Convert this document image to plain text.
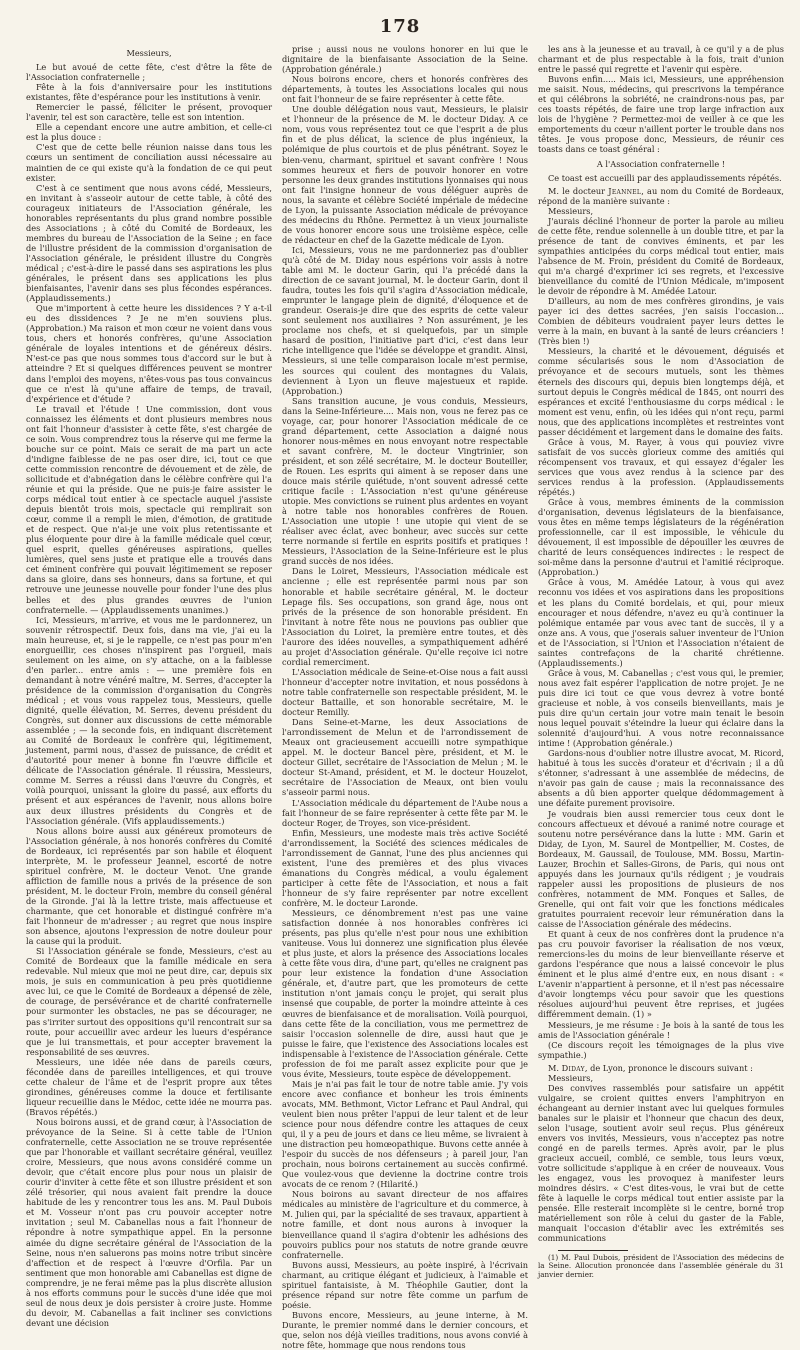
178

Messieurs,

Le but avoué de cette fête, c'est d'être la fête de l'Association confraternelle ;

Fête à la fois d'anniversaire pour les institutions existantes, fête d'espérance pour les institutions à venir.

Remercier le passé, féliciter le présent, provoquer l'avenir, tel est son caractère, telle est son intention.

Elle a cependant encore une autre ambition, et celle-ci est la plus douce :

C'est que de cette belle réunion naisse dans tous les cœurs un sentiment de conciliation aussi nécessaire au maintien de ce qui existe qu'à la fondation de ce qui peut exister.

C'est à ce sentiment que nous avons cédé, Messieurs, en invitant à s'asseoir autour de cette table, à côté des courageux initiateurs de l'Association générale, les honorables représentants du plus grand nombre possible des Associations ; à côté du Comité de Bordeaux, les membres du bureau de l'Association de la Seine ; en face de l'illustre président de la commission d'organisation de l'Association générale, le président illustre du Congrès médical ; c'est-à-dire le passé dans ses aspirations les plus générales, le présent dans ses applications les plus bienfaisantes, l'avenir dans ses plus fécondes espérances. (Applaudissements.)

Que m'importent à cette heure les dissidences ? Y a-t-il eu des dissidences ? Je ne m'en souviens plus. (Approbation.) Ma raison et mon cœur ne voient dans vous tous, chers et honorés confrères, qu'une Association générale de loyales intentions et de généreux désirs. N'est-ce pas que nous sommes tous d'accord sur le but à atteindre ? Et si quelques différences peuvent se montrer dans l'emploi des moyens, n'êtes-vous pas tous convaincus que ce n'est là qu'une affaire de temps, de travail, d'expérience et d'étude ?

Le travail et l'étude ! Une commission, dont vous connaissez les éléments et dont plusieurs membres nous ont fait l'honneur d'assister à cette fête, s'est chargée de ce soin. Vous comprendrez tous la réserve qui me ferme la bouche sur ce point. Mais ce serait de ma part un acte d'indigne faiblesse de ne pas oser dire, ici, tout ce que cette commission rencontre de dévouement et de zèle, de sollicitude et d'abnégation dans le célèbre confrère qui l'a réunie et qui la préside. Que ne puis-je faire assister le corps médical tout entier à ce spectacle auquel j'assiste depuis bientôt trois mois, spectacle qui remplirait son cœur, comme il a rempli le mien, d'émotion, de gratitude et de respect. Que n'ai-je une voix plus retentissante et plus éloquente pour dire à la famille médicale quel cœur, quel esprit, quelles généreuses aspirations, quelles lumières, quel sens juste et pratique elle a trouvés dans cet éminent confrère qui pouvait légitimement se reposer dans sa gloire, dans ses honneurs, dans sa fortune, et qui retrouve une jeunesse nouvelle pour fonder l'une des plus belles et des plus grandes œuvres de l'union confraternelle. — (Applaudissements unanimes.)

Ici, Messieurs, m'arrive, et vous me le pardonnerez, un souvenir rétrospectif. Deux fois, dans ma vie, j'ai eu la main heureuse, et, si je le rappelle, ce n'est pas pour m'en enorgueillir, ces choses n'inspirent pas l'orgueil, mais seulement on les aime, on s'y attache, on a la faiblesse d'en parler... entre amis : — une première fois en demandant à notre vénéré maître, M. Serres, d'accepter la présidence de la commission d'organisation du Congrès médical ; et vous vous rappelez tous, Messieurs, quelle dignité, quelle élévation, M. Serres, devenu président du Congrès, sut donner aux discussions de cette mémorable assemblée ; — la seconde fois, en indiquant discrètement au Comité de Bordeaux le confrère qui, légitimement, justement, parmi nous, d'assez de puissance, de crédit et d'autorité pour mener à bonne fin l'œuvre difficile et délicate de l'Association générale. Il réussira, Messieurs, comme M. Serres a réussi dans l'œuvre du Congrès, et voilà pourquoi, unissant la gloire du passé, aux efforts du présent et aux espérances de l'avenir, nous allons boire aux deux illustres présidents du Congrès et de l'Association générale. (Vifs applaudissements.)

Nous allons boire aussi aux généreux promoteurs de l'Association générale, à nos honorés confrères du Comité de Bordeaux, ici représentés par son habile et éloquent interprète, M. le professeur Jeannel, escorté de notre spirituel confrère, M. le docteur Venot. Une grande affliction de famille nous a privés de la présence de son président, M. le docteur Froin, membre du conseil général de la Gironde. J'ai là la lettre triste, mais affectueuse et charmante, que cet honorable et distingué confrère m'a fait l'honneur de m'adresser ; au regret que nous inspire son absence, ajoutons l'expression de notre douleur pour la cause qui la produit.

Si l'Association générale se fonde, Messieurs, c'est au Comité de Bordeaux que la famille médicale en sera redevable. Nul mieux que moi ne peut dire, car, depuis six mois, je suis en communication à peu près quotidienne avec lui, ce que le Comité de Bordeaux a dépensé de zèle, de courage, de persévérance et de charité confraternelle pour surmonter les obstacles, ne pas se décourager, ne pas s'irriter surtout des oppositions qu'il rencontrait sur sa route, pour accueillir avec ardeur les lueurs d'espérance que je lui transmettais, et pour accepter bravement la responsabilité de ses œuvres.

Messieurs, une idée née dans de pareils cœurs, fécondée dans de pareilles intelligences, et qui trouve cette chaleur de l'âme et de l'esprit propre aux têtes girondines, généreuses comme la douce et fertilisante liqueur recueillie dans le Médoc, cette idée ne mourra pas. (Bravos répétés.)

Nous boirons aussi, et de grand cœur, à l'Association de prévoyance de la Seine. Si à cette table de l'Union confraternelle, cette Association ne se trouve représentée que par l'honorable et vaillant secrétaire général, veuillez croire, Messieurs, que nous avons considéré comme un devoir, que c'était encore plus pour nous un plaisir de courir d'inviter à cette fête et son illustre président et son zélé trésorier, qui nous avaient fait prendre la douce habitude de les y rencontrer tous les ans. M. Paul Dubois et M. Vosseur n'ont pas cru pouvoir accepter notre invitation ; seul M. Cabanellas nous a fait l'honneur de répondre à notre sympathique appel. En la personne aimée du digne secrétaire général de l'Association de la Seine, nous n'en saluerons pas moins notre tribut sincère d'affection et de respect à l'œuvre d'Orfila. Par un sentiment que mon honorable ami Cabanellas est digne de comprendre, je ne ferai même pas la plus discrète allusion à nos efforts communs pour le succès d'une idée que moi seul de nous deux je dois persister à croire juste. Homme du devoir, M. Cabanellas a fait incliner ses convictions devant une décision

prise ; aussi nous ne voulons honorer en lui que le dignitaire de la bienfaisante Association de la Seine. (Approbation générale.)

Nous boirons encore, chers et honorés confrères des départements, à toutes les Associations locales qui nous ont fait l'honneur de se faire représenter à cette fête.

Une double délégation nous vaut, Messieurs, le plaisir et l'honneur de la présence de M. le docteur Diday. A ce nom, vous vous représentez tout ce que l'esprit a de plus fin et de plus délicat, la science de plus ingénieux, la polémique de plus courtois et de plus pénétrant. Soyez le bien-venu, charmant, spirituel et savant confrère ! Nous sommes heureux et fiers de pouvoir honorer en votre personne les deux grandes institutions lyonnaises qui nous ont fait l'insigne honneur de vous déléguer auprès de nous, la savante et célèbre Société impériale de médecine de Lyon, la puissante Association médicale de prévoyance des médecins du Rhône. Permettez à un vieux journaliste de vous honorer encore sous une troisième espèce, celle de rédacteur en chef de la Gazette médicale de Lyon.

Ici, Messieurs, vous ne me pardonneriez pas d'oublier qu'à côté de M. Diday nous espérions voir assis à notre table ami M. le docteur Garin, qui l'a précédé dans la direction de ce savant journal, M. le docteur Garin, dont il faudra, toutes les fois qu'il s'agira d'Association médicale, emprunter le langage plein de dignité, d'éloquence et de grandeur. Oserais-je dire que des esprits de cette valeur sont seulement nos auxiliaires ? Non assurément, je les proclame nos chefs, et si quelquefois, par un simple hasard de position, l'initiative part d'ici, c'est dans leur riche intelligence que l'idée se développe et grandit. Ainsi, Messieurs, si une telle comparaison locale m'est permise, les sources qui coulent des montagnes du Valais, deviennent à Lyon un fleuve majestueux et rapide. (Approbation.)

Sans transition aucune, je vous conduis, Messieurs, dans la Seine-Inférieure.... Mais non, vous ne ferez pas ce voyage, car, pour honorer l'Association médicale de ce grand département, cette Association a daigné nous honorer nous-mêmes en nous envoyant notre respectable et savant confrère, M. le docteur Vingtrinier, son président, et son zélé secrétaire, M. le docteur Bouteiller, de Rouen. Les esprits qui aiment à se reposer dans une douce mais stérile quiétude, n'ont souvent adressé cette critique facile : L'Association n'est qu'une généreuse utopie. Mes convictions se ruinent plus ardentes en voyant à notre table nos honorables confrères de Rouen. L'Association une utopie ! une utopie qui vient de se réaliser avec éclat, avec bonheur, avec succès sur cette terre normande si fertile en esprits positifs et pratiques ! Messieurs, l'Association de la Seine-Inférieure est le plus grand succès de nos idées.

Dans le Loiret, Messieurs, l'Association médicale est ancienne ; elle est représentée parmi nous par son honorable et habile secrétaire général, M. le docteur Lepage fils. Ses occupations, son grand âge, nous ont privés de la présence de son honorable président. En l'invitant à notre fête nous ne pouvions pas oublier que l'Association du Loiret, la première entre toutes, et dès l'aurore des idées nouvelles, a sympathiquement adhéré au projet d'Association générale. Qu'elle reçoive ici notre cordial remerciment.

L'Association médicale de Seine-et-Oise nous a fait aussi l'honneur d'accepter notre invitation, et nous possédons à notre table confraternelle son respectable président, M. le docteur Battaille, et son honorable secrétaire, M. le docteur Remilly.

Dans Seine-et-Marne, les deux Associations de l'arrondissement de Melun et de l'arrondissement de Meaux ont gracieusement accueilli notre sympathique appel. M. le docteur Bancel père, président, et M. le docteur Gillet, secrétaire de l'Association de Melun ; M. le docteur St-Amand, président, et M. le docteur Houzelot, secrétaire de l'Association de Meaux, ont bien voulu s'asseoir parmi nous.

L'Association médicale du département de l'Aube nous a fait l'honneur de se faire représenter à cette fête par M. le docteur Roger, de Troyes, son vice-président.

Enfin, Messieurs, une modeste mais très active Société d'arrondissement, la Société des sciences médicales de l'arrondissement de Gannat, l'une des plus anciennes qui existent, l'une des premières et des plus vivaces émanations du Congrès médical, a voulu également participer à cette fête de l'Association, et nous a fait l'honneur de s'y faire représenter par notre excellent confrère, M. le docteur Laronde.

Messieurs, ce dénombrement n'est pas une vaine satisfaction donnée à nos honorables confrères ici présents, pas plus qu'elle n'est pour nous une exhibition vaniteuse. Vous lui donnerez une signification plus élevée et plus juste, et alors la présence des Associations locales à cette fête vous dira, d'une part, qu'elles ne craignent pas pour leur existence la fondation d'une Association générale, et, d'autre part, que les promoteurs de cette institution n'ont jamais conçu le projet, qui serait plus insensé que coupable, de porter la moindre atteinte à ces œuvres de bienfaisance et de moralisation. Voilà pourquoi, dans cette fête de la conciliation, vous me permettrez de saisir l'occasion solennelle de dire, aussi haut que je puisse le faire, que l'existence des Associations locales est indispensable à l'existence de l'Association générale. Cette profession de foi me paraît assez explicite pour que je vous évite, Messieurs, toute espèce de développement.

Mais je n'ai pas fait le tour de notre table amie. J'y vois encore avec confiance et bonheur les trois éminents avocats, MM. Bethmont, Victor Lefranc et Paul Andral, qui veulent bien nous prêter l'appui de leur talent et de leur science pour nous défendre contre les attaques de ceux qui, il y a peu de jours et dans ce lieu même, se livraient à une distraction peu homœopathique. Buvons cette année à l'espoir du succès de nos défenseurs ; à pareil jour, l'an prochain, nous boirons certainement au succès confirmé. Que voulez-vous que devienne la doctrine contre trois avocats de ce renom ? (Hilarité.)

Nous boirons au savant directeur de nos affaires médicales au ministère de l'agriculture et du commerce, à M. Julien qui, par la spécialité de ses travaux, appartient à notre famille, et dont nous aurons à invoquer la bienveillance quand il s'agira d'obtenir les adhésions des pouvoirs publics pour nos statuts de notre grande œuvre confraternelle.

Buvons aussi, Messieurs, au poète inspiré, à l'écrivain charmant, au critique élégant et judicieux, à l'aimable et spirituel fantaisiste, à M. Théophile Gautier, dont la présence répand sur notre fête comme un parfum de poésie.

Buvons encore, Messieurs, au jeune interne, à M. Durante, le premier nommé dans le dernier concours, et que, selon nos déjà vieilles traditions, nous avons convié à notre fête, hommage que nous rendons tous

les ans à la jeunesse et au travail, à ce qu'il y a de plus charmant et de plus respectable à la fois, trait d'union entre le passé qui regrette et l'avenir qui espère.

Buvons enfin..... Mais ici, Messieurs, une appréhension me saisit. Nous, médecins, qui prescrivons la tempérance et qui célébrons la sobriété, ne craindrons-nous pas, par ces toasts répétés, de faire une trop large infraction aux lois de l'hygiène ? Permettez-moi de veiller à ce que les emportements du cœur n'aillent porter le trouble dans nos têtes. Je vous propose donc, Messieurs, de réunir ces toasts dans ce toast général :

A l'Association confraternelle !

Ce toast est accueilli par des applaudissements répétés.

M. le docteur Jeannel, au nom du Comité de Bordeaux, répond de la manière suivante :

Messieurs,

J'aurais décliné l'honneur de porter la parole au milieu de cette fête, rendue solennelle à un double titre, et par la présence de tant de convives éminents, et par les sympathies anticipées du corps médical tout entier, mais l'absence de M. Froin, président du Comité de Bordeaux, qui m'a chargé d'exprimer ici ses regrets, et l'excessive bienveillance du comité de l'Union Médicale, m'imposent le devoir de répondre à M. Amédée Latour.

D'ailleurs, au nom de mes confrères girondins, je vais payer ici des dettes sacrées, j'en saisis l'occasion... Combien de débiteurs voudraient payer leurs dettes le verre à la main, en buvant à la santé de leurs créanciers ! (Très bien !)

Messieurs, la charité et le dévouement, déguisés et comme sécularisés sous le nom d'Association de prévoyance et de secours mutuels, sont les thèmes éternels des discours qui, depuis bien longtemps déjà, et surtout depuis le Congrès médical de 1845, ont nourri des espérances et excité l'enthousiasme du corps médical : le moment est venu, enfin, où les idées qui n'ont reçu, parmi nous, que des applications incomplètes et restreintes vont passer décidément et largement dans le domaine des faits.

Grâce à vous, M. Rayer, à vous qui pouviez vivre satisfait de vos succès glorieux comme des amitiés qui récompensent vos travaux, et qui essayez d'égaler les services que vous avez rendus à la science par des services rendus à la profession. (Applaudissements répétés.)

Grâce à vous, membres éminents de la commission d'organisation, devenus législateurs de la bienfaisance, vous êtes en même temps législateurs de la régénération professionnelle, car il est impossible, le véhicule du dévouement, il est impossible de dépouiller les œuvres de charité de leurs conséquences indirectes : le respect de soi-même dans la personne d'autrui et l'amitié réciproque. (Approbation.)

Grâce à vous, M. Amédée Latour, à vous qui avez reconnu vos idées et vos aspirations dans les propositions et les plans du Comité bordelais, et qui, pour mieux encourager et nous défendre, n'avez eu qu'à continuer la polémique entamée par vous avec tant de succès, il y a onze ans. A vous, que j'oserais saluer inventeur de l'Union et de l'Association, si l'Union et l'Association n'étaient de saintes contrefaçons de la charité chrétienne. (Applaudissements.)

Grâce à vous, M. Cabanellas ; c'est vous qui, le premier, nous avez fait espérer l'application de notre projet. Je ne puis dire ici tout ce que vous devrez à votre bonté gracieuse et noble, à vos conseils bienveillants, mais je puis dire qu'un certain jour votre main tenait le besoin nous lequel pouvait s'éteindre la lueur qui éclaire dans la solennité d'aujourd'hui. A vous notre reconnaissance intime ! (Approbation générale.)

Gardons-nous d'oublier notre illustre avocat, M. Ricord, habitué à tous les succès d'orateur et d'écrivain ; il a dû s'étonner, s'adressant à une assemblée de médecins, de n'avoir pas gain de cause ; mais la reconnaissance des absents a dû bien apporter quelque dédommagement à une défaite purement provisoire.

Je voudrais bien aussi remercier tous ceux dont le concours affectueux et dévoué a ranimé notre courage et soutenu notre persévérance dans la lutte : MM. Garin et Diday, de Lyon, M. Saurel de Montpellier, M. Costes, de Bordeaux, M. Gaussail, de Toulouse, MM. Bossu, Martin-Lauzer, Brochin et Salles-Girons, de Paris, qui nous ont appuyés dans les journaux qu'ils rédigent ; je voudrais rappeler aussi les propositions de plusieurs de nos confrères, notamment de MM. Fonques et Salles, de Grenelle, qui ont fait voir que les fonctions médicales gratuites pourraient recevoir leur rémunération dans la caisse de l'Association générale des médecins.

Et quant à ceux de nos confrères dont la prudence n'a pas cru pouvoir favoriser la réalisation de nos vœux, remercions-les du moins de leur bienveillante réserve et gardons l'espérance que nous a laissé concevoir le plus éminent et le plus aimé d'entre eux, en nous disant : « L'avenir n'appartient à personne, et il n'est pas nécessaire d'avoir longtemps vécu pour savoir que les questions résolues aujourd'hui peuvent être reprises, et jugées différemment demain. (1) »

Messieurs, je me résume : Je bois à la santé de tous les amis de l'Association générale !

(Ce discours reçoit les témoignages de la plus vive sympathie.)

M. Diday, de Lyon, prononce le discours suivant :

Messieurs,

Des convives rassemblés pour satisfaire un appétit vulgaire, se croient quittes envers l'amphitryon en échangeant au dernier instant avec lui quelques formules banales sur le plaisir et l'honneur que chacun des deux, selon l'usage, soutient avoir seul reçus. Plus généreux envers vos invités, Messieurs, vous n'acceptez pas notre congé en de pareils termes. Après avoir, par le plus gracieux accueil, comblé, ce semble, tous leurs vœux, votre sollicitude s'applique à en créer de nouveaux. Vous les engagez, vous les provoquez à manifester leurs moindres désirs. « C'est dites-vous, le vrai but de cette fête à laquelle le corps médical tout entier assiste par la pensée. Elle resterait incomplète si le centre, borné trop matériellement son rôle à celui du gaster de la Fable, manquait l'occasion d'établir avec les extrémités ses communications

(1) M. Paul Dubois, président de l'Association des médecins de la Seine. Allocution prononcée dans l'assemblée générale du 31 janvier dernier.
